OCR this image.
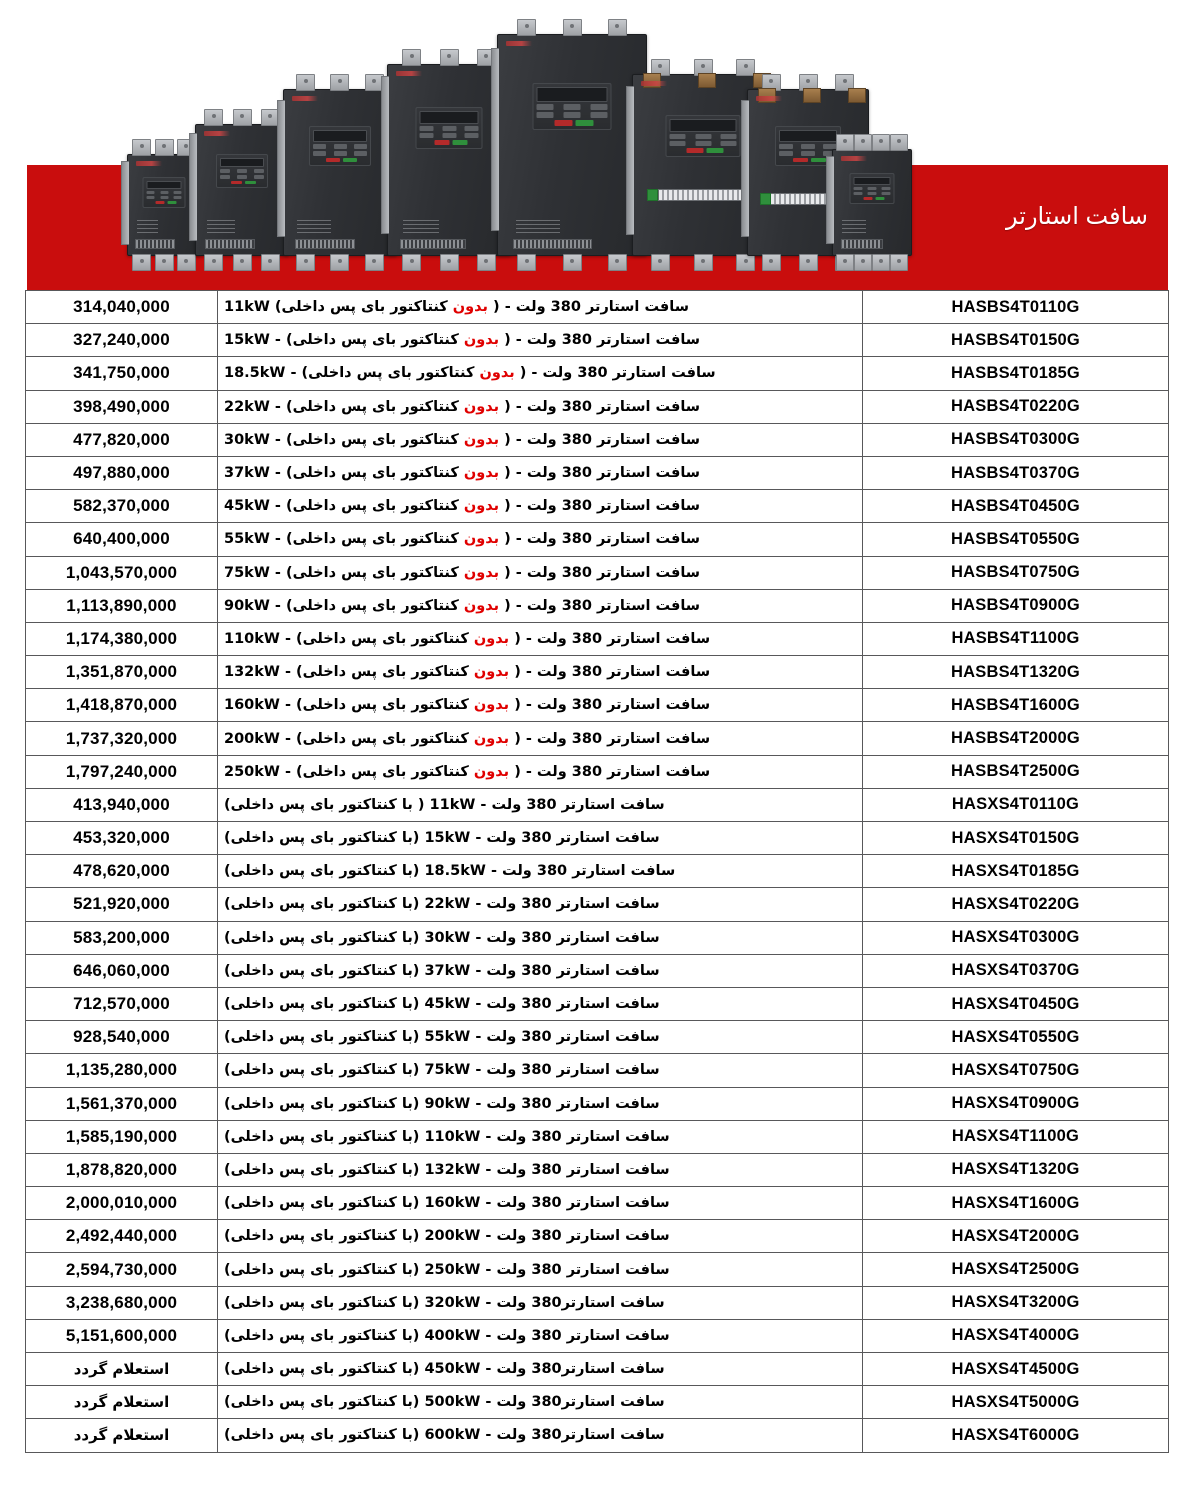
سافت استارتر
HASBS4T0110G	سافت استارتر 380 ولت - ( بدون کنتاکتور بای پس داخلی) 11kW	314,040,000
HASBS4T0150G	سافت استارتر 380 ولت - ( بدون کنتاکتور بای پس داخلی) - 15kW	327,240,000
HASBS4T0185G	سافت استارتر 380 ولت - ( بدون کنتاکتور بای پس داخلی) - 18.5kW	341,750,000
HASBS4T0220G	سافت استارتر 380 ولت - ( بدون کنتاکتور بای پس داخلی) - 22kW	398,490,000
HASBS4T0300G	سافت استارتر 380 ولت - ( بدون کنتاکتور بای پس داخلی) - 30kW	477,820,000
HASBS4T0370G	سافت استارتر 380 ولت - ( بدون کنتاکتور بای پس داخلی) - 37kW	497,880,000
HASBS4T0450G	سافت استارتر 380 ولت - ( بدون کنتاکتور بای پس داخلی) - 45kW	582,370,000
HASBS4T0550G	سافت استارتر 380 ولت - ( بدون کنتاکتور بای پس داخلی) - 55kW	640,400,000
HASBS4T0750G	سافت استارتر 380 ولت - ( بدون کنتاکتور بای پس داخلی) - 75kW	1,043,570,000
HASBS4T0900G	سافت استارتر 380 ولت - ( بدون کنتاکتور بای پس داخلی) - 90kW	1,113,890,000
HASBS4T1100G	سافت استارتر 380 ولت - ( بدون کنتاکتور بای پس داخلی) - 110kW	1,174,380,000
HASBS4T1320G	سافت استارتر 380 ولت - ( بدون کنتاکتور بای پس داخلی) - 132kW	1,351,870,000
HASBS4T1600G	سافت استارتر 380 ولت - ( بدون کنتاکتور بای پس داخلی) - 160kW	1,418,870,000
HASBS4T2000G	سافت استارتر 380 ولت - ( بدون کنتاکتور بای پس داخلی) - 200kW	1,737,320,000
HASBS4T2500G	سافت استارتر 380 ولت - ( بدون کنتاکتور بای پس داخلی) - 250kW	1,797,240,000
HASXS4T0110G	سافت استارتر 380 ولت - 11kW ( با کنتاکتور بای پس داخلی)	413,940,000
HASXS4T0150G	سافت استارتر 380 ولت - 15kW (با کنتاکتور بای پس داخلی)	453,320,000
HASXS4T0185G	سافت استارتر 380 ولت - 18.5kW (با کنتاکتور بای پس داخلی)	478,620,000
HASXS4T0220G	سافت استارتر 380 ولت - 22kW (با کنتاکتور بای پس داخلی)	521,920,000
HASXS4T0300G	سافت استارتر 380 ولت - 30kW (با کنتاکتور بای پس داخلی)	583,200,000
HASXS4T0370G	سافت استارتر 380 ولت - 37kW (با کنتاکتور بای پس داخلی)	646,060,000
HASXS4T0450G	سافت استارتر 380 ولت - 45kW (با کنتاکتور بای پس داخلی)	712,570,000
HASXS4T0550G	سافت استارتر 380 ولت - 55kW (با کنتاکتور بای پس داخلی)	928,540,000
HASXS4T0750G	سافت استارتر 380 ولت - 75kW (با کنتاکتور بای پس داخلی)	1,135,280,000
HASXS4T0900G	سافت استارتر 380 ولت - 90kW (با کنتاکتور بای پس داخلی)	1,561,370,000
HASXS4T1100G	سافت استارتر 380 ولت - 110kW (با کنتاکتور بای پس داخلی)	1,585,190,000
HASXS4T1320G	سافت استارتر 380 ولت - 132kW (با کنتاکتور بای پس داخلی)	1,878,820,000
HASXS4T1600G	سافت استارتر 380 ولت - 160kW (با کنتاکتور بای پس داخلی)	2,000,010,000
HASXS4T2000G	سافت استارتر 380 ولت - 200kW (با کنتاکتور بای پس داخلی)	2,492,440,000
HASXS4T2500G	سافت استارتر 380 ولت - 250kW (با کنتاکتور بای پس داخلی)	2,594,730,000
HASXS4T3200G	سافت استارتر380 ولت - 320kW (با کنتاکتور بای پس داخلی)	3,238,680,000
HASXS4T4000G	سافت استارتر 380 ولت - 400kW (با کنتاکتور بای پس داخلی)	5,151,600,000
HASXS4T4500G	سافت استارتر380 ولت - 450kW (با کنتاکتور بای پس داخلی)	استعلام گردد
HASXS4T5000G	سافت استارتر380 ولت - 500kW (با کنتاکتور بای پس داخلی)	استعلام گردد
HASXS4T6000G	سافت استارتر380 ولت - 600kW (با کنتاکتور بای پس داخلی)	استعلام گردد
